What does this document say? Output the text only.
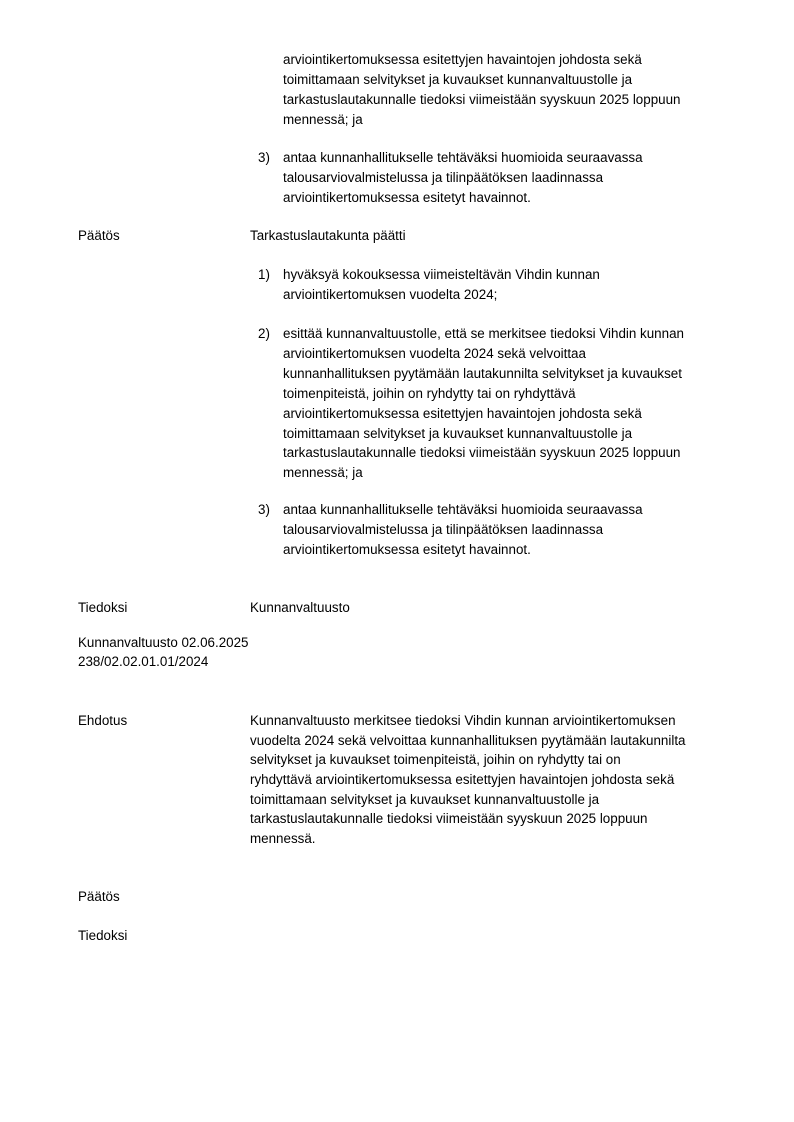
arviointikertomuksessa esitettyjen havaintojen johdosta sekä
toimittamaan selvitykset ja kuvaukset kunnanvaltuustolle ja
tarkastuslautakunnalle tiedoksi viimeistään syyskuun 2025 loppuun
mennessä; ja
3) antaa kunnanhallitukselle tehtäväksi huomioida seuraavassa
talousarviovalmistelussa ja tilinpäätöksen laadinnassa
arviointikertomuksessa esitetyt havainnot.
Päätös	Tarkastuslautakunta päätti
1) hyväksyä kokouksessa viimeisteltävän Vihdin kunnan
arviointikertomuksen vuodelta 2024;
2) esittää kunnanvaltuustolle, että se merkitsee tiedoksi Vihdin kunnan
arviointikertomuksen vuodelta 2024 sekä velvoittaa
kunnanhallituksen pyytämään lautakunnilta selvitykset ja kuvaukset
toimenpiteistä, joihin on ryhdytty tai on ryhdyttävä
arviointikertomuksessa esitettyjen havaintojen johdosta sekä
toimittamaan selvitykset ja kuvaukset kunnanvaltuustolle ja
tarkastuslautakunnalle tiedoksi viimeistään syyskuun 2025 loppuun
mennessä; ja
3) antaa kunnanhallitukselle tehtäväksi huomioida seuraavassa
talousarviovalmistelussa ja tilinpäätöksen laadinnassa
arviointikertomuksessa esitetyt havainnot.
Tiedoksi	Kunnanvaltuusto
Kunnanvaltuusto 02.06.2025
238/02.02.01.01/2024
Ehdotus	Kunnanvaltuusto merkitsee tiedoksi Vihdin kunnan arviointikertomuksen
vuodelta 2024 sekä velvoittaa kunnanhallituksen pyytämään lautakunnilta
selvitykset ja kuvaukset toimenpiteistä, joihin on ryhdytty tai on
ryhdyttävä arviointikertomuksessa esitettyjen havaintojen johdosta sekä
toimittamaan selvitykset ja kuvaukset kunnanvaltuustolle ja
tarkastuslautakunnalle tiedoksi viimeistään syyskuun 2025 loppuun
mennessä.
Päätös
Tiedoksi
